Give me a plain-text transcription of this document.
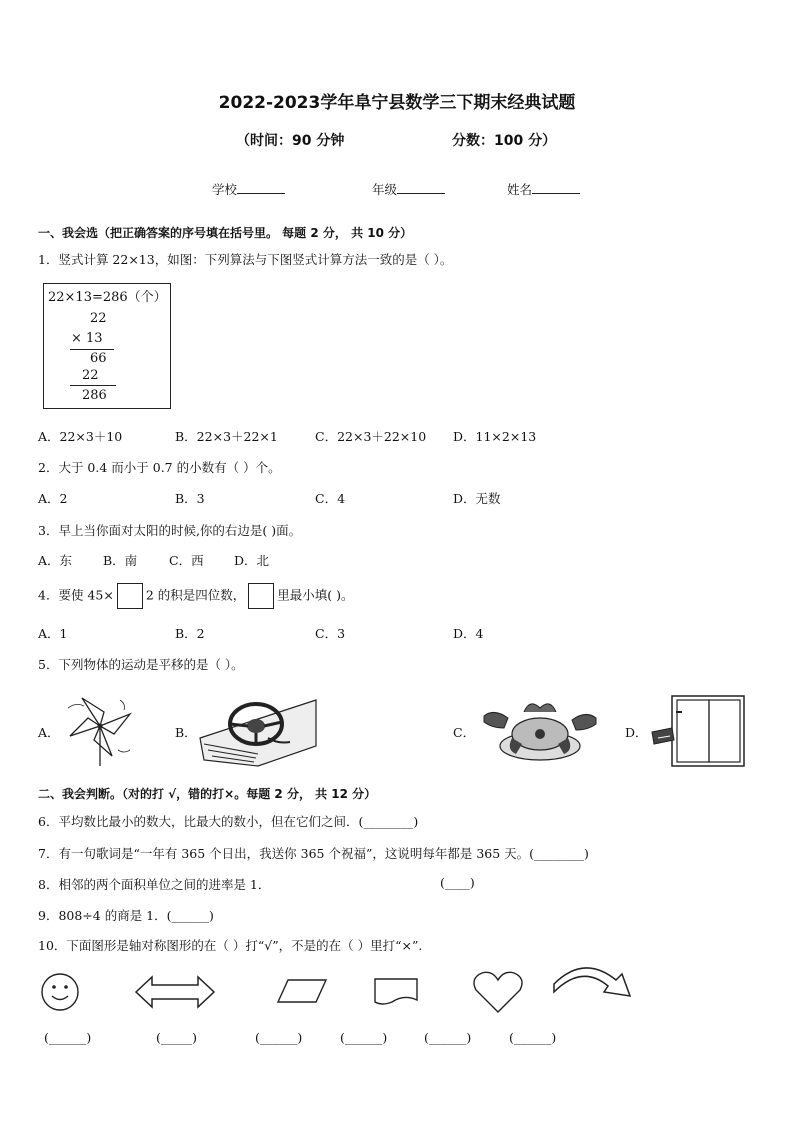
2022-2023学年阜宁县数学三下期末经典试题
（时间：90 分钟	分数：100 分）
学校	年级	姓名
一、我会选（把正确答案的序号填在括号里。 每题 2 分， 共 10 分）
1．竖式计算 22×13，如图：下列算法与下图竖式计算方法一致的是（ ）。
22×13=286（个）
22
× 13
66
22
286
A．22×3＋10	B．22×3＋22×1	C．22×3＋22×10 D．11×2×13
2．大于 0.4 而小于 0.7 的小数有（ ）个。
A．2	B．3	C．4	D．无数
3．早上当你面对太阳的时候,你的右边是( )面。
A．东 B．南	C．西 D．北
4．要使 45×	2 的积是四位数，	里最小填( )。
A．1	B．2	C．3	D．4
5．下列物体的运动是平移的是（ ）。
A．	B．	C．	D．
二、我会判断。（对的打 √，错的打×。每题 2 分， 共 12 分）
6．平均数比最小的数大，比最大的数小，但在它们之间．(________)
7．有一句歌词是“一年有 365 个日出，我送你 365 个祝福”，这说明每年都是 365 天。(________)
8．相邻的两个面积单位之间的进率是 1．	(____)
9．808÷4 的商是 1．(______)
10．下面图形是轴对称图形的在（ ）打“√”，不是的在（ ）里打“×”.
(______)	(_____)	(______)	(______)	(______)	(______)
